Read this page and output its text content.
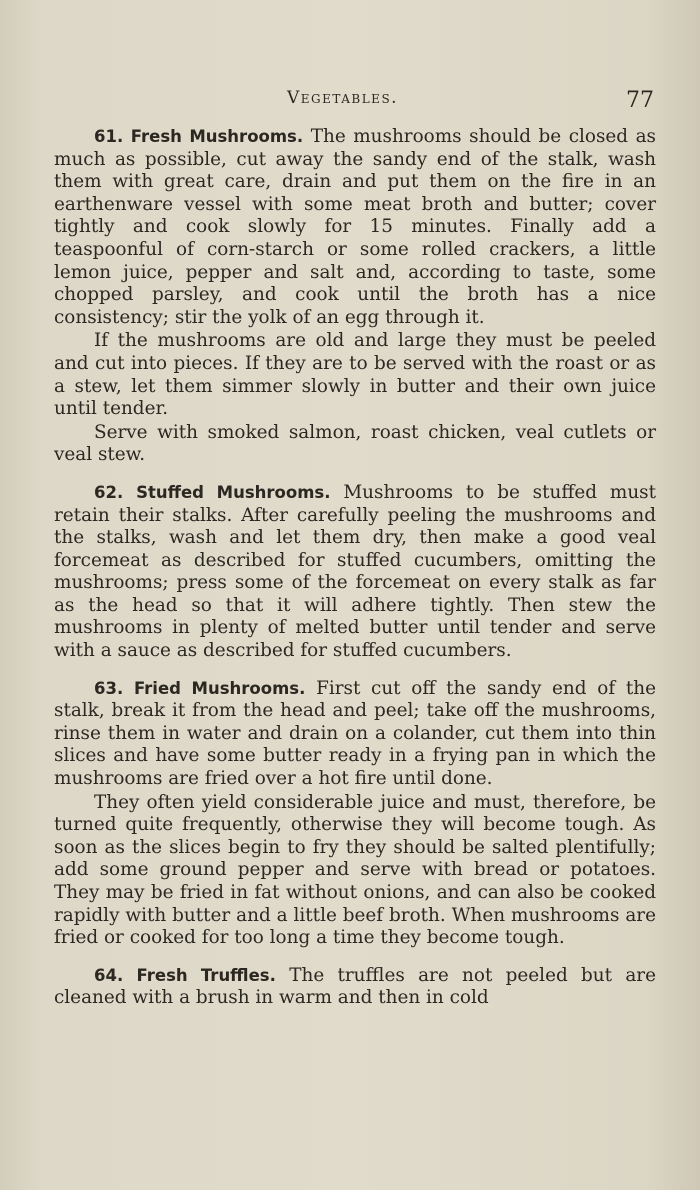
Vegetables.	77

61. Fresh Mushrooms. The mushrooms should be closed as much as possible, cut away the sandy end of the stalk, wash them with great care, drain and put them on the fire in an earthenware vessel with some meat broth and butter; cover tightly and cook slowly for 15 minutes. Finally add a teaspoonful of corn-starch or some rolled crackers, a little lemon juice, pepper and salt and, according to taste, some chopped parsley, and cook until the broth has a nice consistency; stir the yolk of an egg through it.

If the mushrooms are old and large they must be peeled and cut into pieces. If they are to be served with the roast or as a stew, let them simmer slowly in butter and their own juice until tender.

Serve with smoked salmon, roast chicken, veal cutlets or veal stew.

62. Stuffed Mushrooms. Mushrooms to be stuffed must retain their stalks. After carefully peeling the mushrooms and the stalks, wash and let them dry, then make a good veal forcemeat as described for stuffed cucumbers, omitting the mushrooms; press some of the forcemeat on every stalk as far as the head so that it will adhere tightly. Then stew the mushrooms in plenty of melted butter until tender and serve with a sauce as described for stuffed cucumbers.

63. Fried Mushrooms. First cut off the sandy end of the stalk, break it from the head and peel; take off the mushrooms, rinse them in water and drain on a colander, cut them into thin slices and have some butter ready in a frying pan in which the mushrooms are fried over a hot fire until done.

They often yield considerable juice and must, therefore, be turned quite frequently, otherwise they will become tough. As soon as the slices begin to fry they should be salted plentifully; add some ground pepper and serve with bread or potatoes. They may be fried in fat without onions, and can also be cooked rapidly with butter and a little beef broth. When mushrooms are fried or cooked for too long a time they become tough.

64. Fresh Truffles. The truffles are not peeled but are cleaned with a brush in warm and then in cold
